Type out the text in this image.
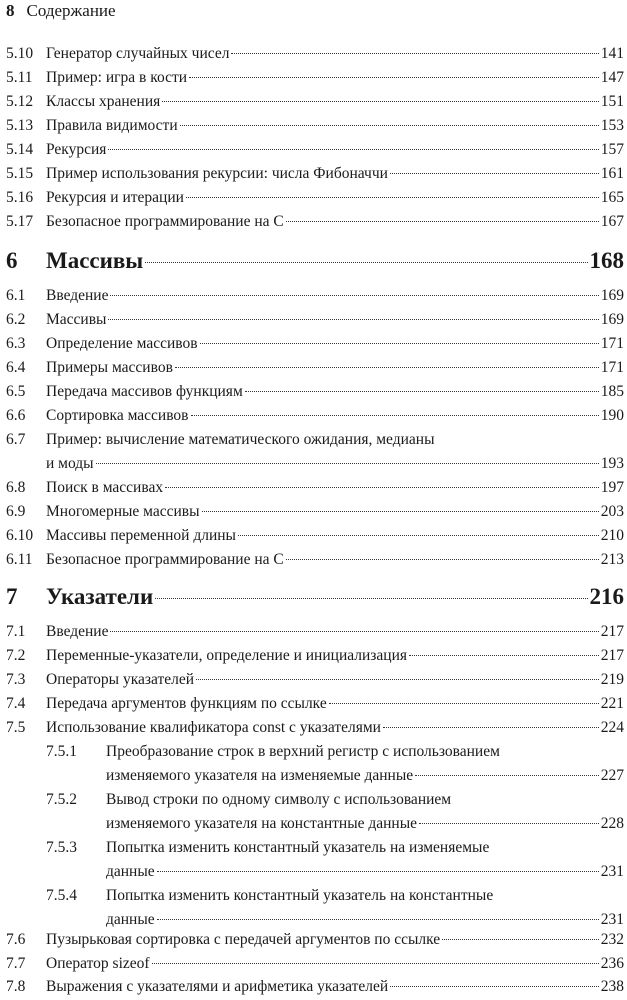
8 Содержание
5.10 Генератор случайных чисел	141
5.11 Пример: игра в кости	147
5.12 Классы хранения	151
5.13 Правила видимости	153
5.14 Рекурсия	157
5.15 Пример использования рекурсии: числа Фибоначчи	161
5.16 Рекурсия и итерации	165
5.17 Безопасное программирование на C	167
6	Массивы	168
6.1	Введение	169
6.2	Массивы	169
6.3	Определение массивов	171
6.4	Примеры массивов	171
6.5	Передача массивов функциям	185
6.6	Сортировка массивов	190
6.7	Пример: вычисление математического ожидания, медианы
и моды	193
6.8	Поиск в массивах	197
6.9	Многомерные массивы	203
6.10 Массивы переменной длины	210
6.11 Безопасное программирование на C	213
7	Указатели	216
7.1	Введение	217
7.2	Переменные-указатели, определение и инициализация	217
7.3	Операторы указателей	219
7.4	Передача аргументов функциям по ссылке	221
7.5	Использование квалификатора const с указателями	224
7.5.1	Преобразование строк в верхний регистр с использованием
изменяемого указателя на изменяемые данные	227
7.5.2	Вывод строки по одному символу с использованием
изменяемого указателя на константные данные	228
7.5.3	Попытка изменить константный указатель на изменяемые
данные	231
7.5.4	Попытка изменить константный указатель на константные
данные	231
7.6	Пузырьковая сортировка с передачей аргументов по ссылке	232
7.7	Оператор sizeof	236
7.8	Выражения с указателями и арифметика указателей	238
